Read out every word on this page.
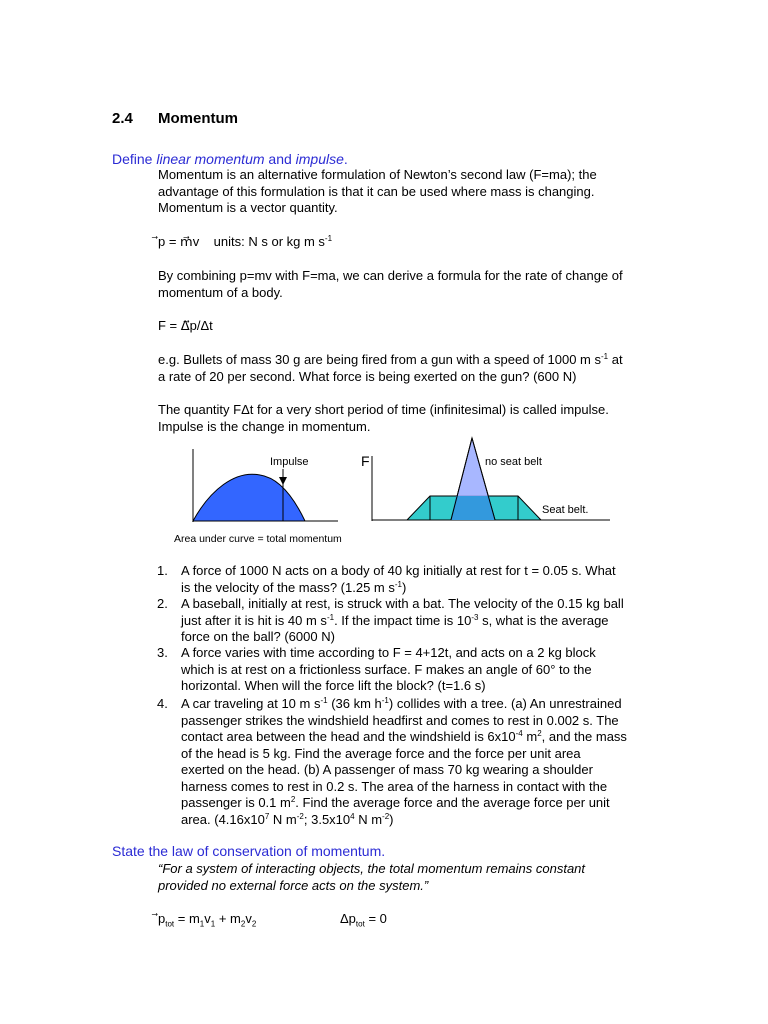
2.4 Momentum
Define linear momentum and impulse.
Momentum is an alternative formulation of Newton’s second law (F=ma); the
advantage of this formulation is that it can be used where mass is changing.
Momentum is a vector quantity.
⃗p = m⃗v units: N s or kg m $s^{-1}$
By combining p=mv with F=ma, we can derive a formula for the rate of change of
momentum of a body.
F = Δ⃗p/Δt
e.g. Bullets of mass 30 g are being fired from a gun with a speed of 1000 m $s^{-1}$ at
a rate of 20 per second. What force is being exerted on the gun? (600 N)
The quantity FΔt for a very short period of time (infinitesimal) is called impulse.
Impulse is the change in momentum.
Impulse	F	no seat belt
Seat belt.
Area under curve = total momentum
1. A force of 1000 N acts on a body of 40 kg initially at rest for t = 0.05 s. What
is the velocity of the mass? (1.25 m $s^{-1}$)
2. A baseball, initially at rest, is struck with a bat. The velocity of the 0.15 kg ball
just after it is hit is 40 m $s^{-1}$. If the impact time is $10^{-3}$ s, what is the average
force on the ball? (6000 N)
3. A force varies with time according to F = 4+12t, and acts on a 2 kg block
which is at rest on a frictionless surface. F makes an angle of 60° to the
horizontal. When will the force lift the block? (t=1.6 s)
4. A car traveling at 10 m $s^{-1}$ (36 km $h^{-1}$) collides with a tree. (a) An unrestrained
passenger strikes the windshield headfirst and comes to rest in 0.002 s. The
contact area between the head and the windshield is $6x10^{-4}$ $m^2$, and the mass
of the head is 5 kg. Find the average force and the force per unit area
exerted on the head. (b) A passenger of mass 70 kg wearing a shoulder
harness comes to rest in 0.2 s. The area of the harness in contact with the
passenger is 0.1 $m^2$. Find the average force and the average force per unit
area. ($4.16x10^7$ N $m^{-2}$; $3.5x10^4$ N $m^{-2}$)
State the law of conservation of momentum.
“For a system of interacting objects, the total momentum remains constant
provided no external force acts on the system.”
$⃗p_{tot} = m_1v_1 + m_2v_2$	$\Delta p_{tot} = 0$
